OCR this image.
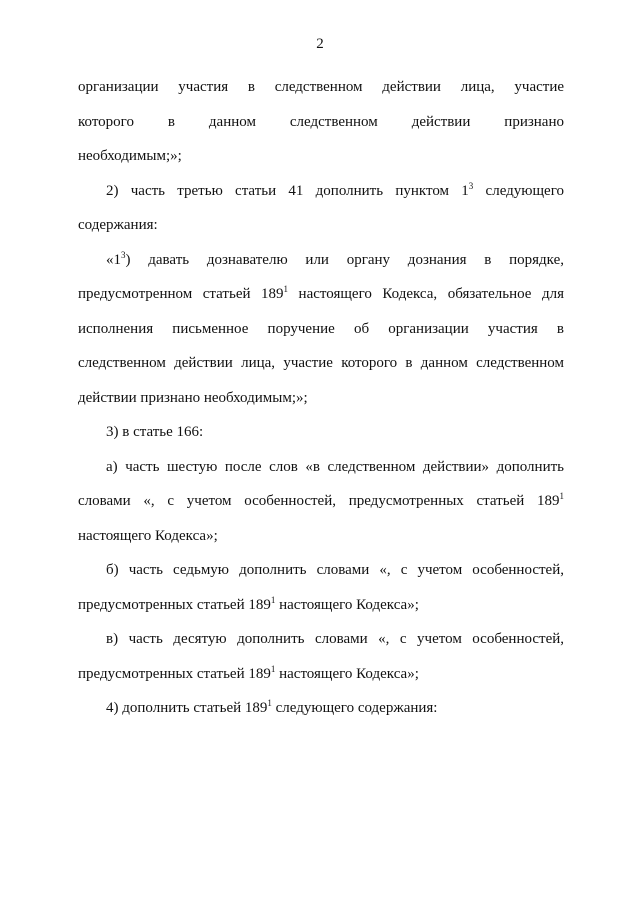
2

организации участия в следственном действии лица, участие

которого в данном следственном действии признано

необходимым;»;

2) часть третью статьи 41 дополнить пунктом $1^3$ следующего

содержания:

«$1^3$) давать дознавателю или органу дознания в порядке,

предусмотренном статьей $189^1$ настоящего Кодекса, обязательное для

исполнения письменное поручение об организации участия в

следственном действии лица, участие которого в данном следственном

действии признано необходимым;»;

3) в статье 166:

а) часть шестую после слов «в следственном действии» дополнить

словами «, с учетом особенностей, предусмотренных статьей $189^1$

настоящего Кодекса»;

б) часть седьмую дополнить словами «, с учетом особенностей,

предусмотренных статьей $189^1$ настоящего Кодекса»;

в) часть десятую дополнить словами «, с учетом особенностей,

предусмотренных статьей $189^1$ настоящего Кодекса»;

4) дополнить статьей $189^1$ следующего содержания:
